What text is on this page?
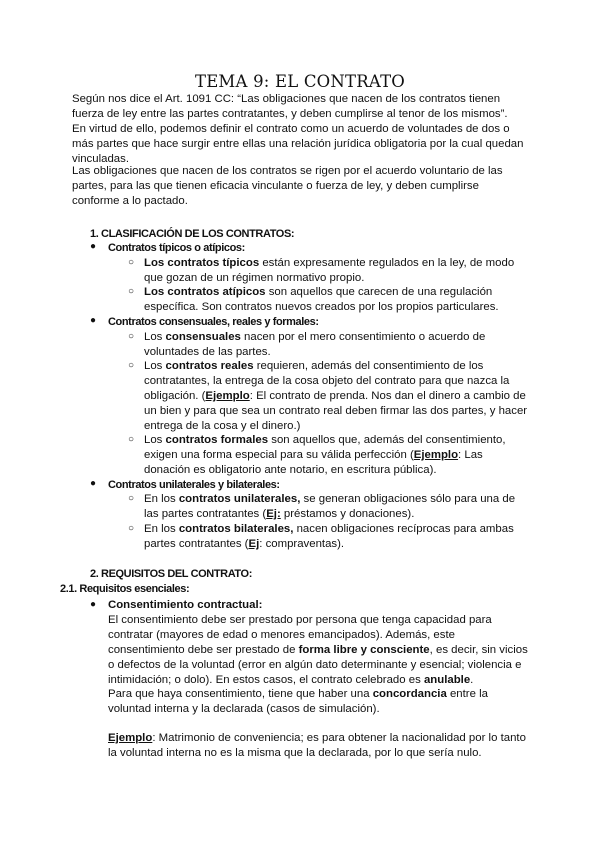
TEMA 9: EL CONTRATO

Según nos dice el Art. 1091 CC: “Las obligaciones que nacen de los contratos tienen fuerza de ley entre las partes contratantes, y deben cumplirse al tenor de los mismos”.

En virtud de ello, podemos definir el contrato como un acuerdo de voluntades de dos o más partes que hace surgir entre ellas una relación jurídica obligatoria por la cual quedan vinculadas.

Las obligaciones que nacen de los contratos se rigen por el acuerdo voluntario de las partes, para las que tienen eficacia vinculante o fuerza de ley, y deben cumplirse conforme a lo pactado.

1. CLASIFICACIÓN DE LOS CONTRATOS:
● Contratos típicos o atípicos:
○ Los contratos típicos están expresamente regulados en la ley, de modo que gozan de un régimen normativo propio.

○ Los contratos atípicos son aquellos que carecen de una regulación específica. Son contratos nuevos creados por los propios particulares.

● Contratos consensuales, reales y formales:
○ Los consensuales nacen por el mero consentimiento o acuerdo de voluntades de las partes.

○ Los contratos reales requieren, además del consentimiento de los contratantes, la entrega de la cosa objeto del contrato para que nazca la obligación. (Ejemplo: El contrato de prenda. Nos dan el dinero a cambio de un bien y para que sea un contrato real deben firmar las dos partes, y hacer entrega de la cosa y el dinero.)

○ Los contratos formales son aquellos que, además del consentimiento, exigen una forma especial para su válida perfección (Ejemplo: Las donación es obligatorio ante notario, en escritura pública).

● Contratos unilaterales y bilaterales:
○ En los contratos unilaterales, se generan obligaciones sólo para una de las partes contratantes (Ej: préstamos y donaciones).

○ En los contratos bilaterales, nacen obligaciones recíprocas para ambas partes contratantes (Ej: compraventas).

2. REQUISITOS DEL CONTRATO:
2.1. Requisitos esenciales:
● Consentimiento contractual:

El consentimiento debe ser prestado por persona que tenga capacidad para contratar (mayores de edad o menores emancipados). Además, este consentimiento debe ser prestado de forma libre y consciente, es decir, sin vicios o defectos de la voluntad (error en algún dato determinante y esencial; violencia e intimidación; o dolo). En estos casos, el contrato celebrado es anulable.

Para que haya consentimiento, tiene que haber una concordancia entre la voluntad interna y la declarada (casos de simulación).

Ejemplo: Matrimonio de conveniencia; es para obtener la nacionalidad por lo tanto la voluntad interna no es la misma que la declarada, por lo que sería nulo.
